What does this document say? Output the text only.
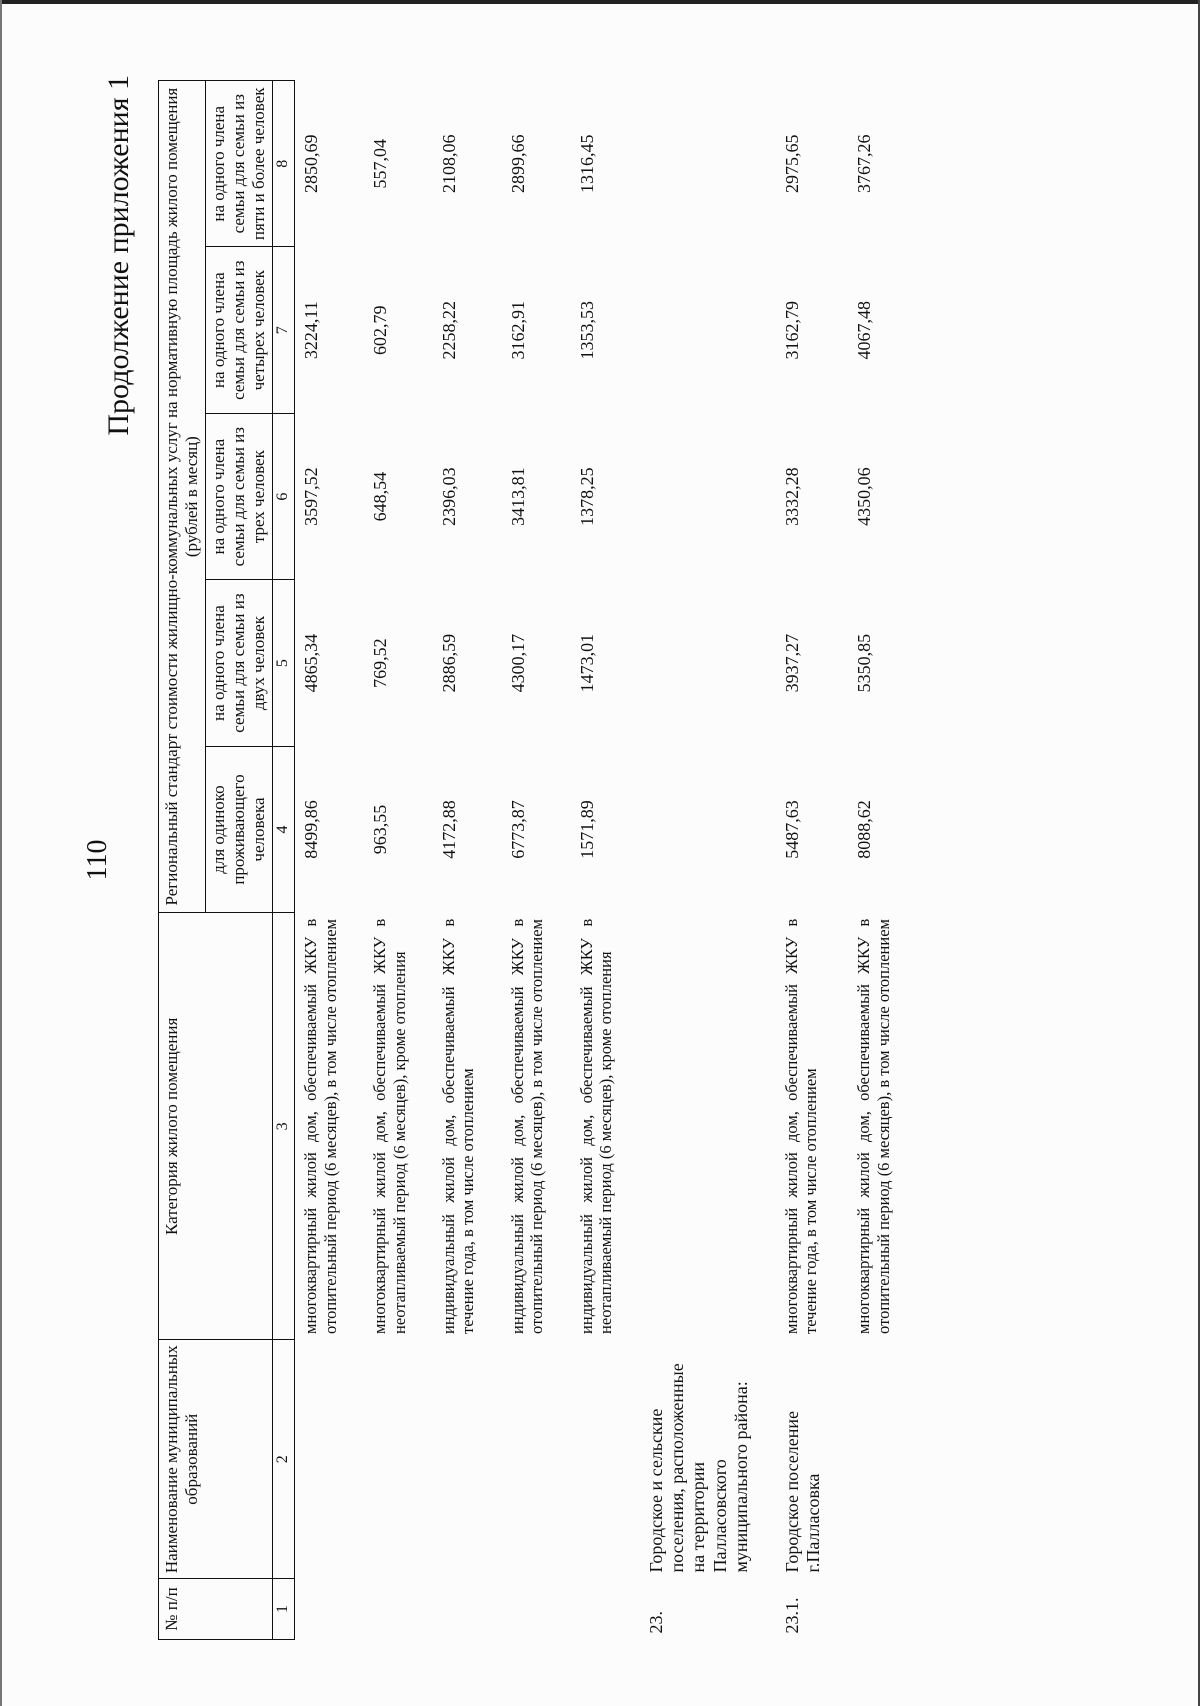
110
Продолжение приложения 1
№ п/п	Наименование муниципальных образований	Категория жилого помещения	Региональный стандарт стоимости жилищно-коммунальных услуг на нормативную площадь жилого помещения (рублей в месяц)				
			для одиноко проживающего человека	на одного члена семьи для семьи из двух человек	на одного члена семьи для семьи из трех человек	на одного члена семьи для семьи из четырех человек	на одного члена семьи для семьи из пяти и более человек
1	2	3	4	5	6	7	8
		многоквартирный жилой дом, обеспечиваемый ЖКУ в отопительный период (6 месяцев), в том числе отоплением	8499,86	4865,34	3597,52	3224,11	2850,69
		многоквартирный жилой дом, обеспечиваемый ЖКУ в неотапливаемый период (6 месяцев), кроме отопления	963,55	769,52	648,54	602,79	557,04
		индивидуальный жилой дом, обеспечиваемый ЖКУ в течение года, в том числе отоплением	4172,88	2886,59	2396,03	2258,22	2108,06
		индивидуальный жилой дом, обеспечиваемый ЖКУ в отопительный период (6 месяцев), в том числе отоплением	6773,87	4300,17	3413,81	3162,91	2899,66
		индивидуальный жилой дом, обеспечиваемый ЖКУ в неотапливаемый период (6 месяцев), кроме отопления	1571,89	1473,01	1378,25	1353,53	1316,45
23.	Городское и сельские поселения, расположенные на территории Палласовского муниципального района:						
23.1.	Городское поселение г.Палласовка	многоквартирный жилой дом, обеспечиваемый ЖКУ в течение года, в том числе отоплением	5487,63	3937,27	3332,28	3162,79	2975,65
		многоквартирный жилой дом, обеспечиваемый ЖКУ в отопительный период (6 месяцев), в том числе отоплением	8088,62	5350,85	4350,06	4067,48	3767,26
